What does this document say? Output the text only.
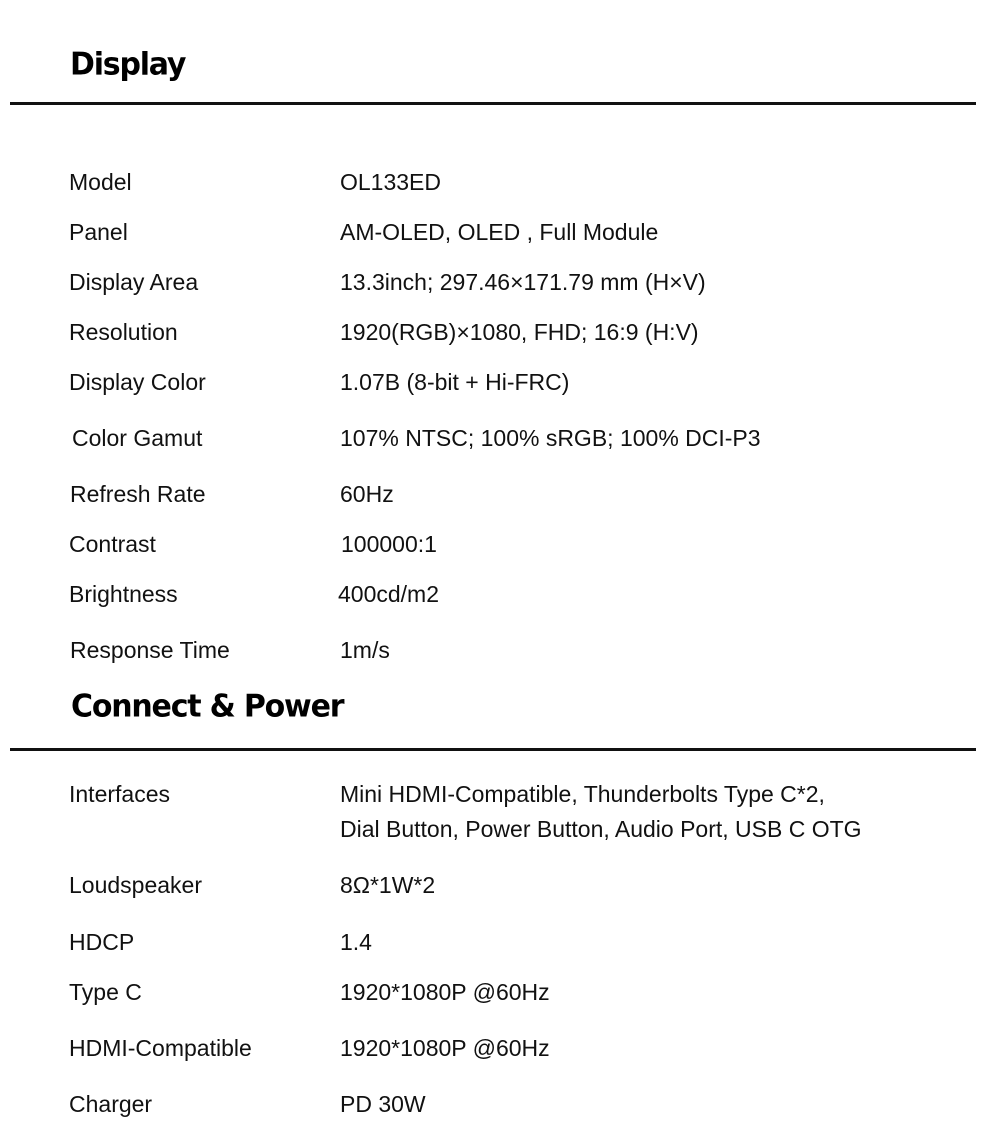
Display
Model	OL133ED
Panel	AM-OLED, OLED , Full Module
Display Area	13.3inch; 297.46×171.79 mm (H×V)
Resolution	1920(RGB)×1080, FHD; 16:9 (H:V)
Display Color	1.07B (8-bit + Hi-FRC)
Color Gamut	107% NTSC; 100% sRGB; 100% DCI-P3
Refresh Rate	60Hz
Contrast	100000:1
Brightness	400cd/m2
Response Time	1m/s
Connect & Power
Interfaces	Mini HDMI-Compatible, Thunderbolts Type C*2,
Dial Button, Power Button, Audio Port, USB C OTG
Loudspeaker	8Ω*1W*2
HDCP	1.4
Type C	1920*1080P @60Hz
HDMI-Compatible	1920*1080P @60Hz
Charger	PD 30W
